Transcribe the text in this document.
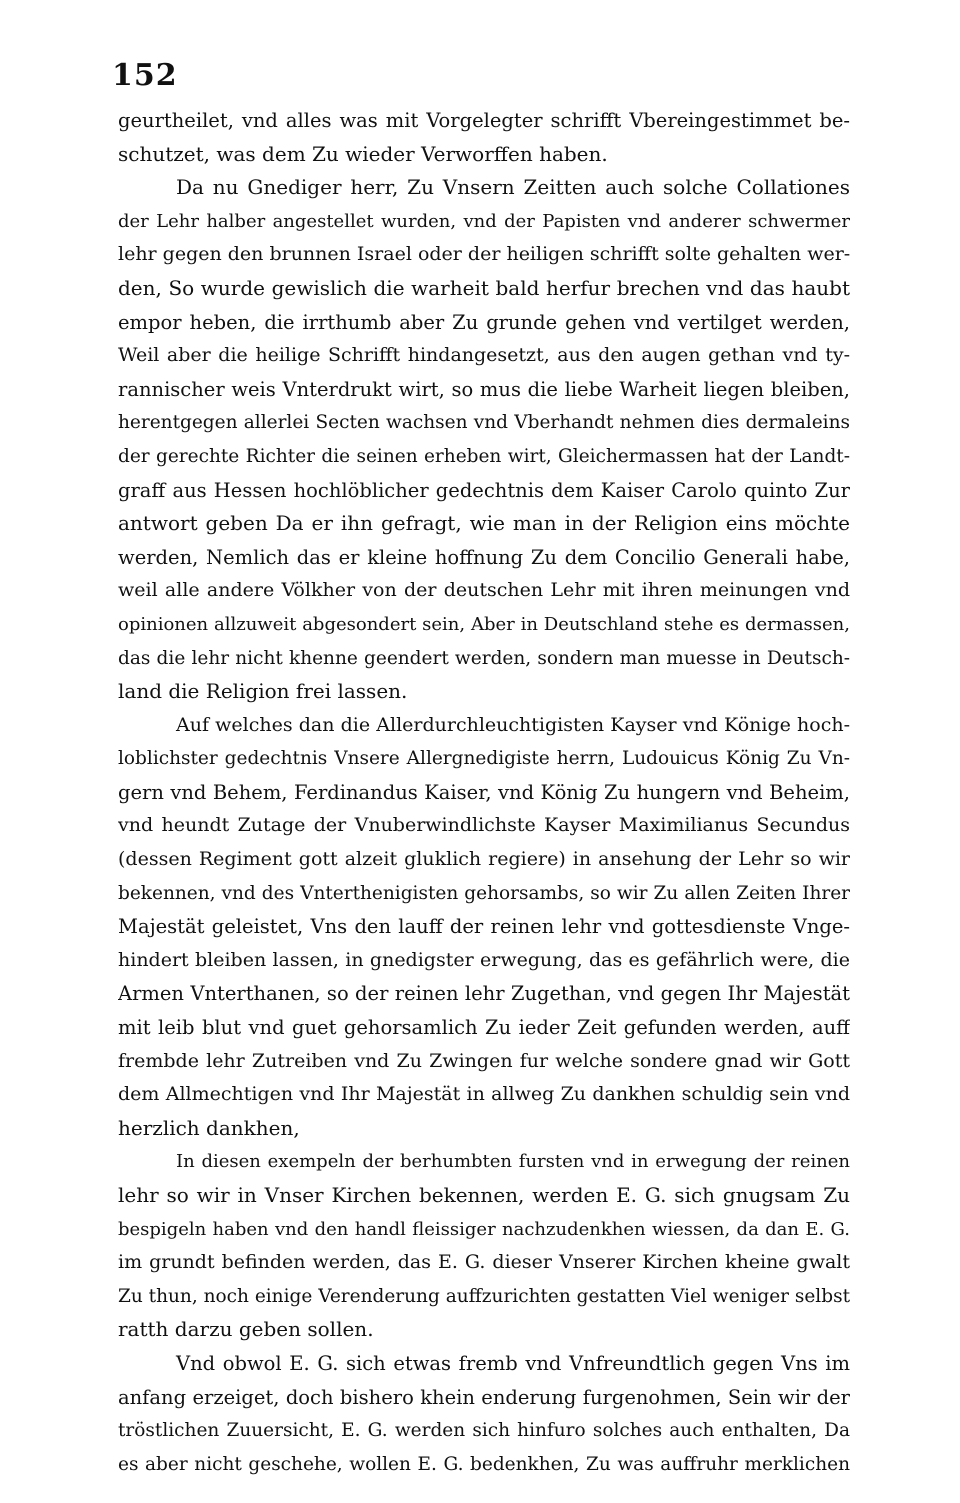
152
geurtheilet, vnd alles was mit Vorgelegter schrifft Vbereingestimmet be-
schutzet, was dem Zu wieder Verworffen haben.
Da nu Gnediger herr, Zu Vnsern Zeitten auch solche Collationes
der Lehr halber angestellet wurden, vnd der Papisten vnd anderer schwermer
lehr gegen den brunnen Israel oder der heiligen schrifft solte gehalten wer-
den, So wurde gewislich die warheit bald herfur brechen vnd das haubt
empor heben, die irrthumb aber Zu grunde gehen vnd vertilget werden,
Weil aber die heilige Schrifft hindangesetzt, aus den augen gethan vnd ty-
rannischer weis Vnterdrukt wirt, so mus die liebe Warheit liegen bleiben,
herentgegen allerlei Secten wachsen vnd Vberhandt nehmen dies dermaleins
der gerechte Richter die seinen erheben wirt, Gleichermassen hat der Landt-
graff aus Hessen hochlöblicher gedechtnis dem Kaiser Carolo quinto Zur
antwort geben Da er ihn gefragt, wie man in der Religion eins möchte
werden, Nemlich das er kleine hoffnung Zu dem Concilio Generali habe,
weil alle andere Völkher von der deutschen Lehr mit ihren meinungen vnd
opinionen allzuweit abgesondert sein, Aber in Deutschland stehe es dermassen,
das die lehr nicht khenne geendert werden, sondern man muesse in Deutsch-
land die Religion frei lassen.
Auf welches dan die Allerdurchleuchtigisten Kayser vnd Könige hoch-
loblichster gedechtnis Vnsere Allergnedigiste herrn, Ludouicus König Zu Vn-
gern vnd Behem, Ferdinandus Kaiser, vnd König Zu hungern vnd Beheim,
vnd heundt Zutage der Vnuberwindlichste Kayser Maximilianus Secundus
(dessen Regiment gott alzeit gluklich regiere) in ansehung der Lehr so wir
bekennen, vnd des Vnterthenigisten gehorsambs, so wir Zu allen Zeiten Ihrer
Majestät geleistet, Vns den lauff der reinen lehr vnd gottesdienste Vnge-
hindert bleiben lassen, in gnedigster erwegung, das es gefährlich were, die
Armen Vnterthanen, so der reinen lehr Zugethan, vnd gegen Ihr Majestät
mit leib blut vnd guet gehorsamlich Zu ieder Zeit gefunden werden, auff
frembde lehr Zutreiben vnd Zu Zwingen fur welche sondere gnad wir Gott
dem Allmechtigen vnd Ihr Majestät in allweg Zu dankhen schuldig sein vnd
herzlich dankhen,
In diesen exempeln der berhumbten fursten vnd in erwegung der reinen
lehr so wir in Vnser Kirchen bekennen, werden E. G. sich gnugsam Zu
bespigeln haben vnd den handl fleissiger nachzudenkhen wiessen, da dan E. G.
im grundt befinden werden, das E. G. dieser Vnserer Kirchen kheine gwalt
Zu thun, noch einige Verenderung auffzurichten gestatten Viel weniger selbst
ratth darzu geben sollen.
Vnd obwol E. G. sich etwas fremb vnd Vnfreundtlich gegen Vns im
anfang erzeiget, doch bishero khein enderung furgenohmen, Sein wir der
tröstlichen Zuuersicht, E. G. werden sich hinfuro solches auch enthalten, Da
es aber nicht geschehe, wollen E. G. bedenkhen, Zu was auffruhr merklichen
